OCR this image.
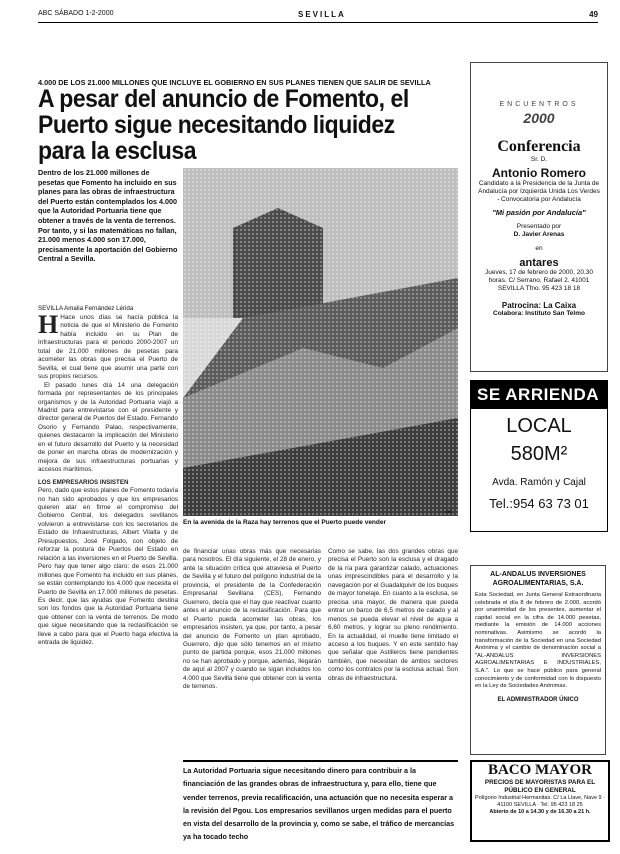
ABC SÁBADO 1-2-2000	SEVILLA	49
4.000 DE LOS 21.000 MILLONES QUE INCLUYE EL GOBIERNO EN SUS PLANES TIENEN QUE SALIR DE SEVILLA
A pesar del anuncio de Fomento, el Puerto sigue necesitando liquidez para la esclusa
Dentro de los 21.000 millones de pesetas que Fomento ha incluido en sus planes para las obras de infraestructura del Puerto están contemplados los 4.000 que la Autoridad Portuaria tiene que obtener a través de la venta de terrenos. Por tanto, y si las matemáticas no fallan, 21.000 menos 4.000 son 17.000, precisamente la aportación del Gobierno Central a Sevilla.
SEVILLA Amalia Fernández Lérida

H Hace unos días se hacía pública la noticia de que el Ministerio de Fomento había incluido en su Plan de Infraestructuras para el periodo 2000-2007 un total de 21.000 millones de pesetas para acometer las obras que precisa el Puerto de Sevilla, el cual tiene que asumir una parte con sus propios recursos.

El pasado lunes día 14 una delegación formada por representantes de los principales organismos y de la Autoridad Portuaria viajó a Madrid para entrevistarse con el presidente y director general de Puertos del Estado. Fernando Osorio y Fernando Palao, respectivamente, quienes destacaron la implicación del Ministerio en el futuro desarrollo del Puerto y la necesidad de poner en marcha obras de modernización y mejora de sus infraestructuras portuarias y accesos marítimos.

LOS EMPRESARIOS INSISTEN

Pero, dado que estos planes de Fomento todavía no han sido aprobados y que los empresarios quieren atar en firme el compromiso del Gobierno Central, los delegados sevillanos volvieron a entrevistarse con los secretarios de Estado de Infraestructuras, Albert Vilalta y de Presupuestos, José Folgado, con objeto de reforzar la postura de Puertos del Estado en relación a las inversiones en el Puerto de Sevilla. Pero hay que tener algo claro: de esos 21.000 millones que Fomento ha incluido en sus planes, se están contemplando los 4.000 que necesita el Puerto de Sevilla en 17.000 millones de pesetas. Es decir, que las ayudas que Fomento destina son los fondos que la Autoridad Portuaria tiene que obtener con la venta de terrenos. De modo que sigue necesitando que la reclasificación se lleve a cabo para que el Puerto haga efectiva la entrada de liquidez.

ABC
En la avenida de la Raza hay terrenos que el Puerto puede vender
de financiar unas obras más que necesarias para nosotros. El día siguiente, el 28 de enero, y ante la situación crítica que atraviesa el Puerto de Sevilla y el futuro del polígono industrial de la provincia, el presidente de la Confederación Empresarial Sevillana (CES), Fernando Guerrero, decía que el hay que reactivar cuanto antes el anuncio de la reclasificación. Para que el Puerto pueda acometer las obras, los empresarios insisten, ya que, por tanto, a pesar del anuncio de Fomento un plan aprobado, Guerrero, dijo que sólo tenemos en el mismo punto de partida porque, esos 21.000 millones no se han aprobado y porque, además, llegarán de aquí al 2007 y cuando se sigan incluidos los 4.000 que Sevilla tiene que obtener con la venta de terrenos.
Como se sabe, las dos grandes obras que precisa el Puerto son la esclusa y el dragado de la ría para garantizar calado, actuaciones unas imprescindibles para el desarrollo y la navegación por el Guadalquivir de los buques de mayor tonelaje. En cuanto a la esclusa, se precisa una mayor, de manera que pueda entrar un barco de 6,5 metros de calado y al menos se pueda elevar el nivel de agua a 6,60 metros, y lograr su pleno rendimiento. En la actualidad, el muelle tiene limitado el acceso a los buques. Y en este sentido hay que señalar que Astilleros tiene pendientes también, que necesitan de ambos sectores como los contratos por la esclusa actual. Son obras de infraestructura.
La Autoridad Portuaria sigue necesitando dinero para contribuir a la financiación de las grandes obras de infraestructura y, para ello, tiene que vender terrenos, previa recalificación, una actuación que no necesita esperar a la revisión del Pgou. Los empresarios sevillanos urgen medidas para el puerto en vista del desarrollo de la provincia y, como se sabe, el tráfico de mercancías ya ha tocado techo
ENCUENTROS
2000
Conferencia
Sr. D.
Antonio Romero
Candidato a la Presidencia de la Junta de Andalucía por Izquierda Unida Los Verdes - Convocatoria por Andalucía
"Mi pasión por Andalucía"
Presentado por
D. Javier Arenas
en
antares
Jueves, 17 de febrero de 2000, 20.30 horas. C/ Serrano, Rafael 2. 41001 SEVILLA Tfno. 95 423 18 18
Patrocina: La Caixa
Colabora: Instituto San Telmo
SE ARRIENDA
LOCAL
580M²
Avda. Ramón y Cajal
Tel.:954 63 73 01
AL-ANDALUS INVERSIONES AGROALIMENTARIAS, S.A.
Esta Sociedad, en Junta General Extraordinaria celebrada el día 8 de febrero de 2.000, acordó por unanimidad de los presentes, aumentar el capital social en la cifra de 14.000 pesetas, mediante la emisión de 14.000 acciones nominativas. Asimismo se acordó la transformación de la Sociedad en una Sociedad Anónima y el cambio de denominación social a "AL-ANDALUS INVERSIONES AGROALIMENTARIAS E INDUSTRIALES, S.A.". Lo que se hace público para general conocimiento y de conformidad con lo dispuesto en la Ley de Sociedades Anónimas.
EL ADMINISTRADOR ÚNICO
BACO MAYOR
PRECIOS DE MAYORISTAS PARA EL PÚBLICO EN GENERAL
Polígono Industrial Hermanitas. C/ La Llave, Nave 9 · 41100 SEVILLA · Tel. 95 423 18 25
Abierto de 10 a 14.30 y de 16.30 a 21 h.
